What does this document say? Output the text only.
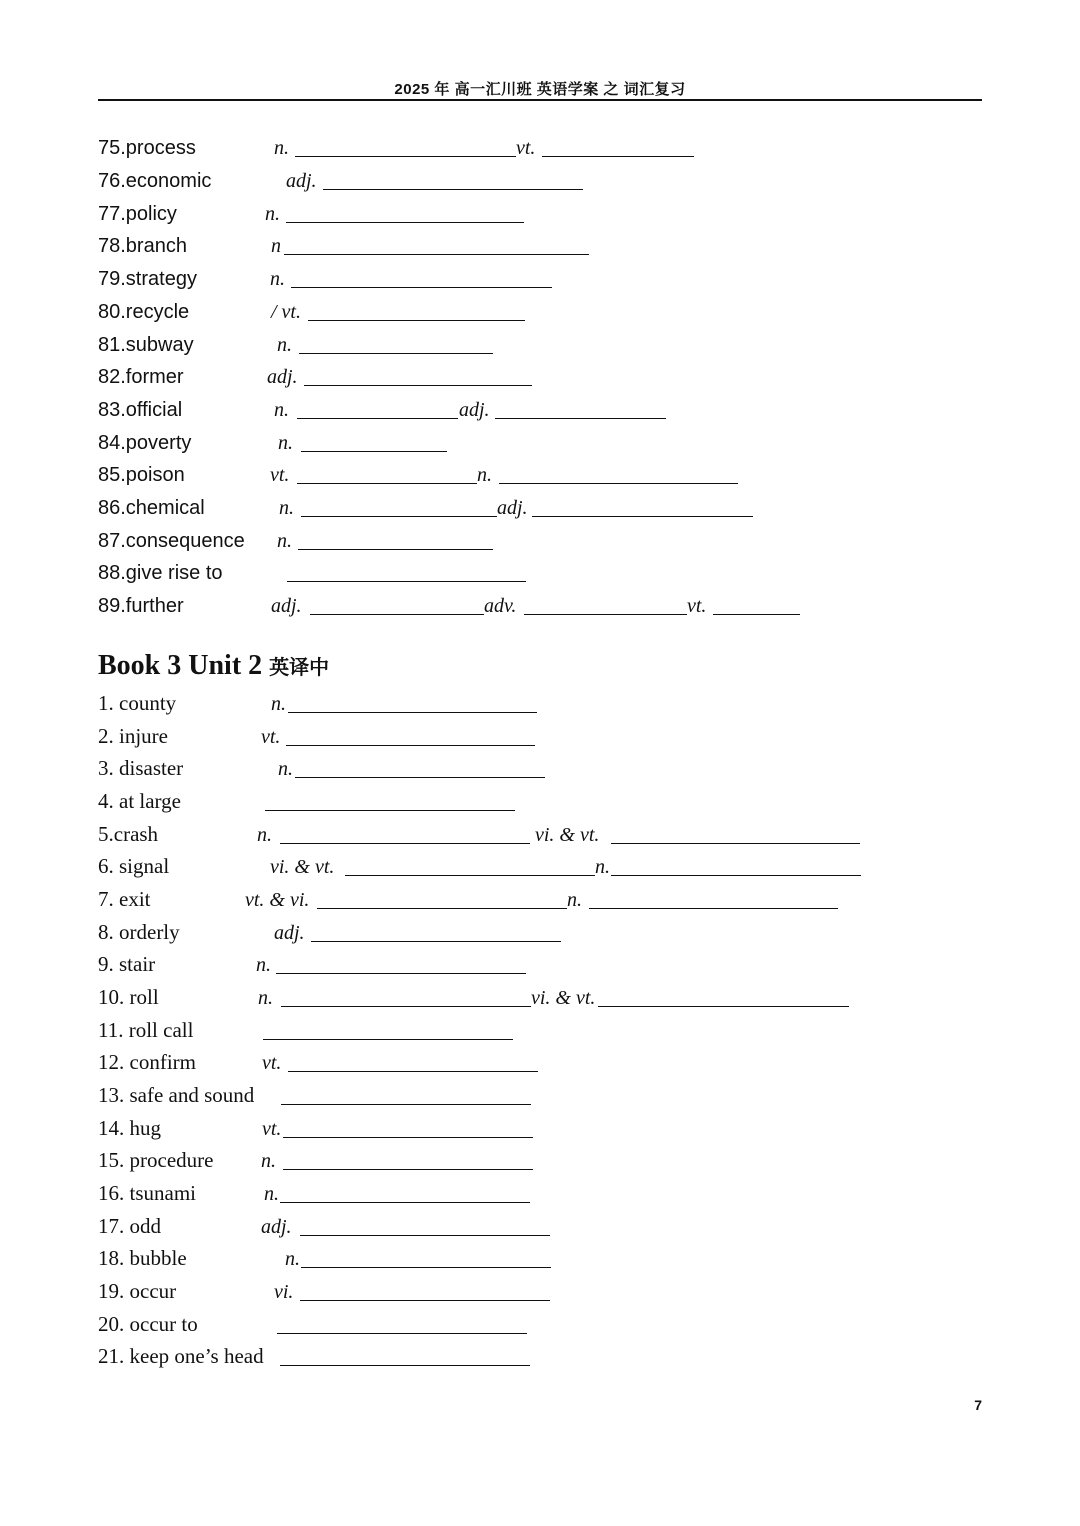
2025 年 高一汇川班 英语学案 之 词汇复习
75.process	n.	vt.
76.economic	adj.
77.policy	n.
78.branch	n
79.strategy	n.
80.recycle	/ vt.
81.subway	n.
82.former	adj.
83.official	n.	adj.
84.poverty	n.
85.poison	vt.	n.
86.chemical	n.	adj.
87.consequence n.
88.give rise to
89.further	adj.	adv.	vt.
Book 3 Unit 2 英译中
1. county	n.
2. injure	vt.
3. disaster	n.
4. at large
5.crash	n.	vi. & vt.
6. signal	vi. & vt.	n.
7. exit	vt. & vi.	n.
8. orderly	adj.
9. stair	n.
10. roll	n.	vi. & vt.
11. roll call
12. confirm	vt.
13. safe and sound
14. hug	vt.
15. procedure n.
16. tsunami	n.
17. odd	adj.
18. bubble	n.
19. occur	vi.
20. occur to
21. keep one’s head
7
